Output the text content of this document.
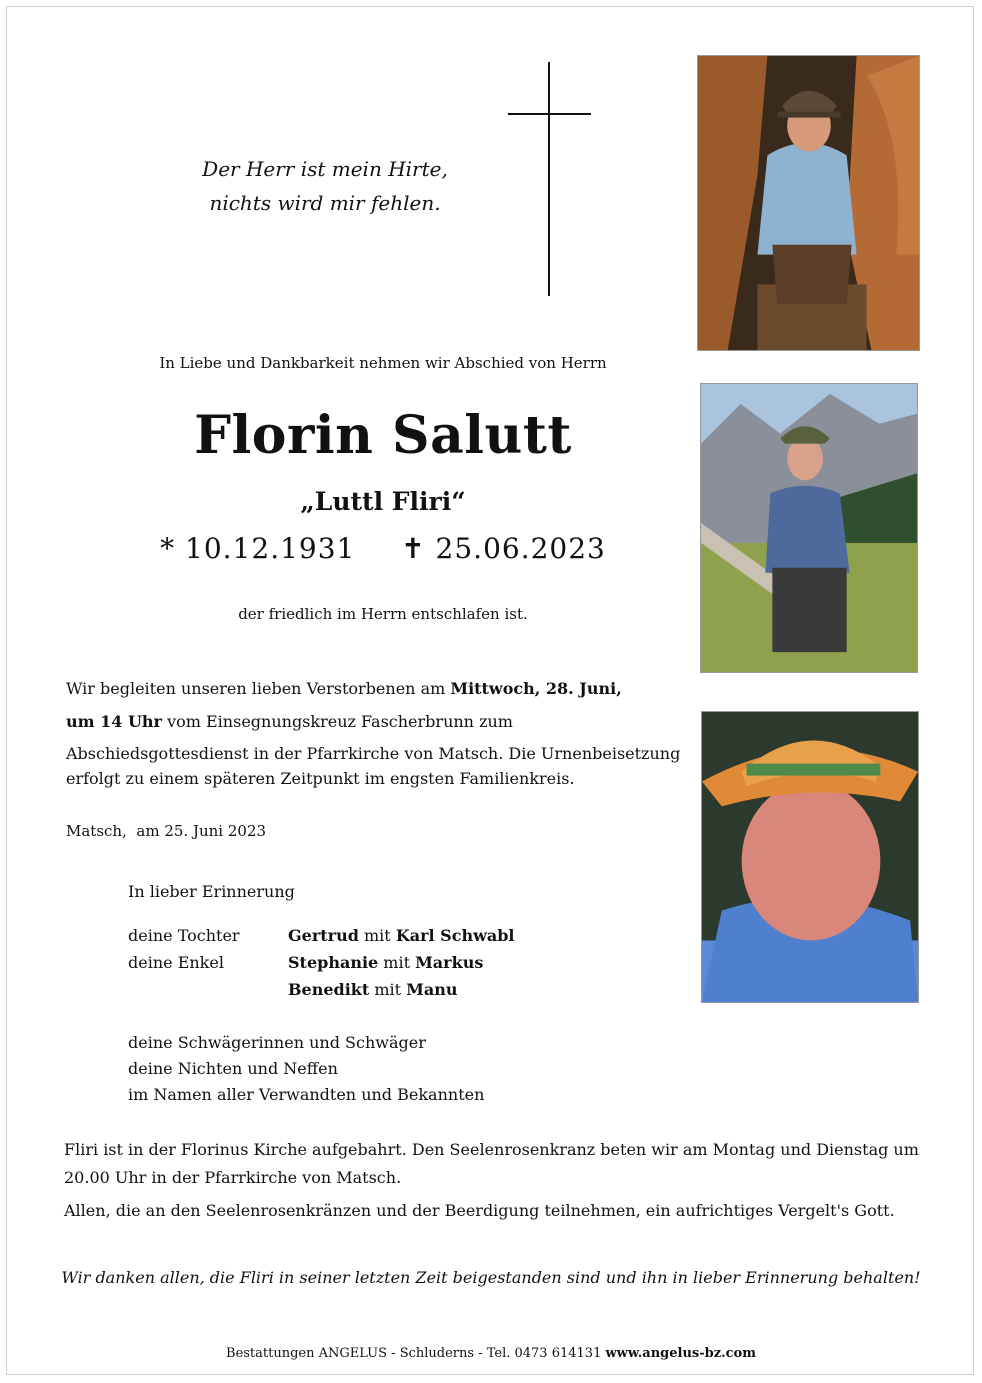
Der Herr ist mein Hirte,
nichts wird mir fehlen.
In Liebe und Dankbarkeit nehmen wir Abschied von Herrn
Florin Salutt
„Luttl Fliri“
* 10.12.1931 ✝ 25.06.2023
der friedlich im Herrn entschlafen ist.
Wir begleiten unseren lieben Verstorbenen am Mittwoch, 28. Juni,
um 14 Uhr vom Einsegnungskreuz Fascherbrunn zum
Abschiedsgottesdienst in der Pfarrkirche von Matsch. Die Urnenbeisetzung
erfolgt zu einem späteren Zeitpunkt im engsten Familienkreis.
Matsch,  am 25. Juni 2023
In lieber Erinnerung
deine Tochter	Gertrud mit Karl Schwabl
deine Enkel	Stephanie mit Markus
Benedikt mit Manu
deine Schwägerinnen und Schwäger
deine Nichten und Neffen
im Namen aller Verwandten und Bekannten
Fliri ist in der Florinus Kirche aufgebahrt. Den Seelenrosenkranz beten wir am Montag und Dienstag um
20.00 Uhr in der Pfarrkirche von Matsch.
Allen, die an den Seelenrosenkränzen und der Beerdigung teilnehmen, ein aufrichtiges Vergelt's Gott.
Wir danken allen, die Fliri in seiner letzten Zeit beigestanden sind und ihn in lieber Erinnerung behalten!
Bestattungen ANGELUS - Schluderns - Tel. 0473 614131 www.angelus-bz.com
